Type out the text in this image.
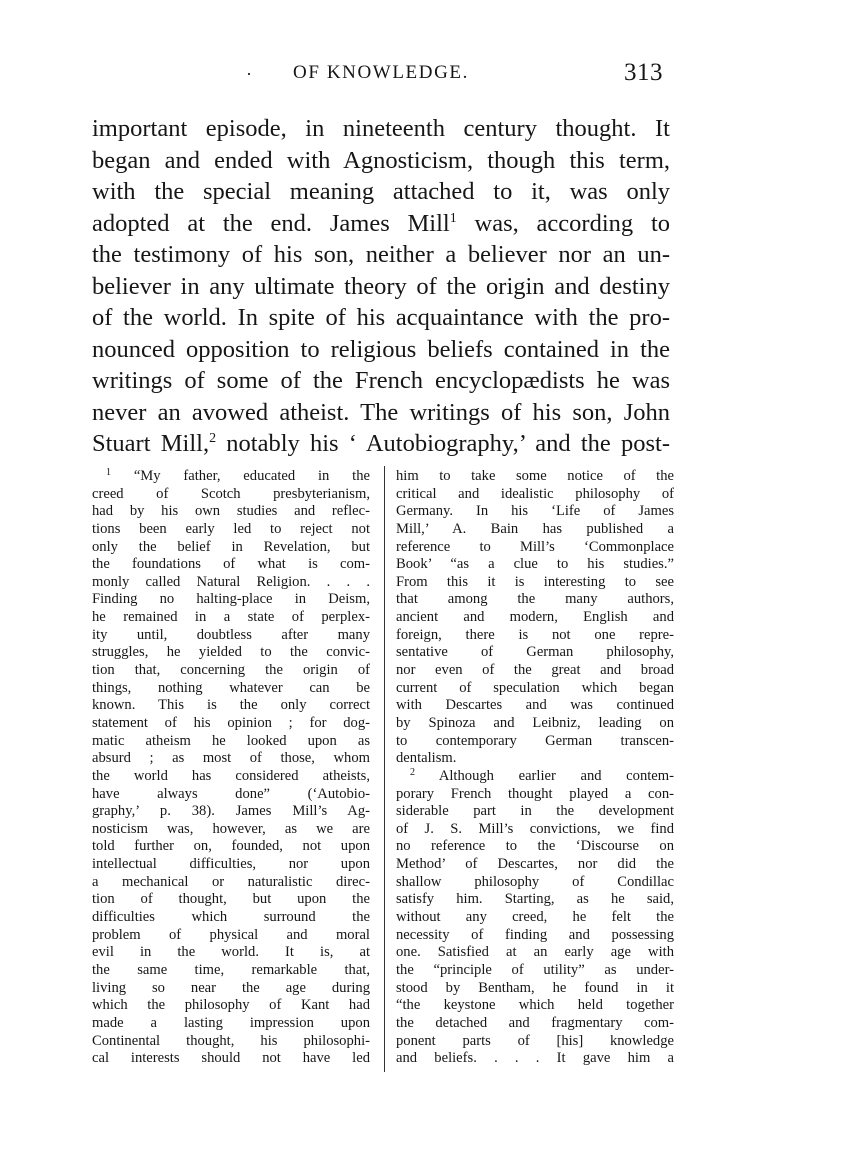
· OF KNOWLEDGE.	313
important episode, in nineteenth century thought. It
began and ended with Agnosticism, though this term,
with the special meaning attached to it, was only
adopted at the end. James Mill$^1$ was, according to
the testimony of his son, neither a believer nor an un-
believer in any ultimate theory of the origin and destiny
of the world. In spite of his acquaintance with the pro-
nounced opposition to religious beliefs contained in the
writings of some of the French encyclopædists he was
never an avowed atheist. The writings of his son, John
Stuart Mill,$^2$ notably his ‘ Autobiography,’ and the post-
$^1$ “My father, educated in the
creed of Scotch presbyterianism,
had by his own studies and reflec-
tions been early led to reject not
only the belief in Revelation, but
the foundations of what is com-
monly called Natural Religion. . . .
Finding no halting-place in Deism,
he remained in a state of perplex-
ity until, doubtless after many
struggles, he yielded to the convic-
tion that, concerning the origin of
things, nothing whatever can be
known. This is the only correct
statement of his opinion ; for dog-
matic atheism he looked upon as
absurd ; as most of those, whom
the world has considered atheists,
have always done” (‘Autobio-
graphy,’ p. 38). James Mill’s Ag-
nosticism was, however, as we are
told further on, founded, not upon
intellectual difficulties, nor upon
a mechanical or naturalistic direc-
tion of thought, but upon the
difficulties which surround the
problem of physical and moral
evil in the world. It is, at
the same time, remarkable that,
living so near the age during
which the philosophy of Kant had
made a lasting impression upon
Continental thought, his philosophi-
cal interests should not have led
him to take some notice of the
critical and idealistic philosophy of
Germany. In his ‘Life of James
Mill,’ A. Bain has published a
reference to Mill’s ‘Commonplace
Book’ “as a clue to his studies.”
From this it is interesting to see
that among the many authors,
ancient and modern, English and
foreign, there is not one repre-
sentative of German philosophy,
nor even of the great and broad
current of speculation which began
with Descartes and was continued
by Spinoza and Leibniz, leading on
to contemporary German transcen-
dentalism.
$^2$ Although earlier and contem-
porary French thought played a con-
siderable part in the development
of J. S. Mill’s convictions, we find
no reference to the ‘Discourse on
Method’ of Descartes, nor did the
shallow philosophy of Condillac
satisfy him. Starting, as he said,
without any creed, he felt the
necessity of finding and possessing
one. Satisfied at an early age with
the “principle of utility” as under-
stood by Bentham, he found in it
“the keystone which held together
the detached and fragmentary com-
ponent parts of [his] knowledge
and beliefs. . . . It gave him a
